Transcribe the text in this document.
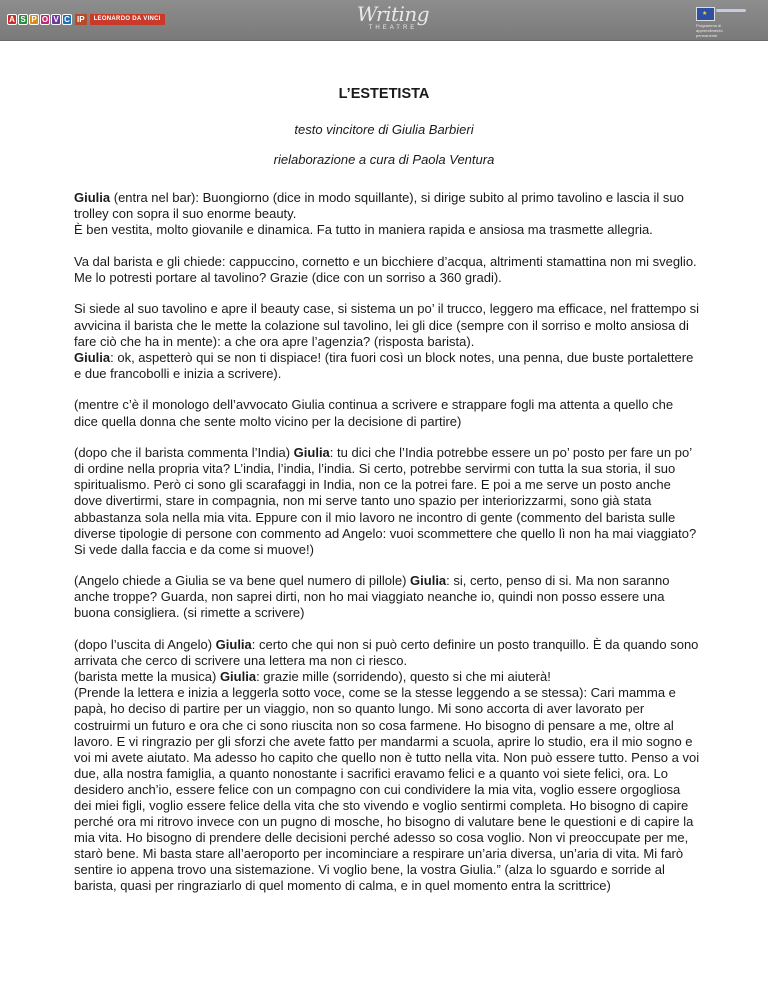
A S P O V C IP	LEONARDO DA VINCI	Writing
THEATRE
★	Programma di apprendimento permanente
L’ESTETISTA
testo vincitore di Giulia Barbieri
rielaborazione a cura di Paola Ventura

Giulia (entra nel bar): Buongiorno (dice in modo squillante), si dirige subito al primo tavolino e lascia il suo trolley con sopra il suo enorme beauty.
È ben vestita, molto giovanile e dinamica. Fa tutto in maniera rapida e ansiosa ma trasmette allegria.

Va dal barista e gli chiede: cappuccino, cornetto e un bicchiere d’acqua, altrimenti stamattina non mi sveglio. Me lo potresti portare al tavolino? Grazie (dice con un sorriso a 360 gradi).

Si siede al suo tavolino e apre il beauty case, si sistema un po’ il trucco, leggero ma efficace, nel frattempo si avvicina il barista che le mette la colazione sul tavolino, lei gli dice (sempre con il sorriso e molto ansiosa di fare ciò che ha in mente): a che ora apre l’agenzia? (risposta barista).
Giulia: ok, aspetterò qui se non ti dispiace! (tira fuori così un block notes, una penna, due buste portalettere e due francobolli e inizia a scrivere).

(mentre c’è il monologo dell’avvocato Giulia continua a scrivere e strappare fogli ma attenta a quello che dice quella donna che sente molto vicino per la decisione di partire)

(dopo che il barista commenta l’India) Giulia: tu dici che l’India potrebbe essere un po’ posto per fare un po’ di ordine nella propria vita? L’india, l’india, l’india. Si certo, potrebbe servirmi con tutta la sua storia, il suo spiritualismo. Però ci sono gli scarafaggi in India, non ce la potrei fare. E poi a me serve un posto anche dove divertirmi, stare in compagnia, non mi serve tanto uno spazio per interiorizzarmi, sono già stata abbastanza sola nella mia vita. Eppure con il mio lavoro ne incontro di gente (commento del barista sulle diverse tipologie di persone con commento ad Angelo: vuoi scommettere che quello lì non ha mai viaggiato? Si vede dalla faccia e da come si muove!)

(Angelo chiede a Giulia se va bene quel numero di pillole) Giulia: si, certo, penso di si. Ma non saranno anche troppe? Guarda, non saprei dirti, non ho mai viaggiato neanche io, quindi non posso essere una buona consigliera. (si rimette a scrivere)

(dopo l’uscita di Angelo) Giulia: certo che qui non si può certo definire un posto tranquillo. È da quando sono arrivata che cerco di scrivere una lettera ma non ci riesco.
(barista mette la musica) Giulia: grazie mille (sorridendo), questo si che mi aiuterà!
(Prende la lettera e inizia a leggerla sotto voce, come se la stesse leggendo a se stessa): Cari mamma e papà, ho deciso di partire per un viaggio, non so quanto lungo. Mi sono accorta di aver lavorato per costruirmi un futuro e ora che ci sono riuscita non so cosa farmene. Ho bisogno di pensare a me, oltre al lavoro. E vi ringrazio per gli sforzi che avete fatto per mandarmi a scuola, aprire lo studio, era il mio sogno e voi mi avete aiutato. Ma adesso ho capito che quello non è tutto nella vita. Non può essere tutto. Penso a voi due, alla nostra famiglia, a quanto nonostante i sacrifici eravamo felici e a quanto voi siete felici, ora. Lo desidero anch’io, essere felice con un compagno con cui condividere la mia vita, voglio essere orgogliosa dei miei figli, voglio essere felice della vita che sto vivendo e voglio sentirmi completa. Ho bisogno di capire perché ora mi ritrovo invece con un pugno di mosche, ho bisogno di valutare bene le questioni e di capire la mia vita. Ho bisogno di prendere delle decisioni perché adesso so cosa voglio. Non vi preoccupate per me, starò bene. Mi basta stare all’aeroporto per incominciare a respirare un’aria diversa, un’aria di vita. Mi farò sentire io appena trovo una sistemazione. Vi voglio bene, la vostra Giulia.” (alza lo sguardo e sorride al barista, quasi per ringraziarlo di quel momento di calma, e in quel momento entra la scrittrice)
